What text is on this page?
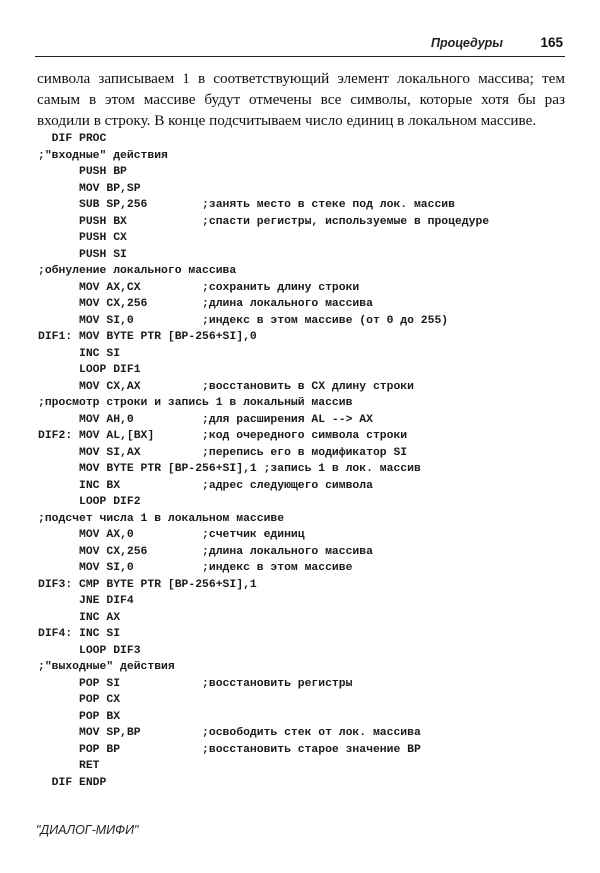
Процедуры	165

символа записываем 1 в соответствующий элемент локального массива; тем самым в этом массиве будут отмечены все символы, которые хотя бы раз входили в строку. В конце подсчитываем число единиц в локальном массиве.

DIF PROC
;"входные" действия
PUSH BP
MOV BP,SP
SUB SP,256        ;занять место в стеке под лок. массив
PUSH BX           ;спасти регистры, используемые в процедуре
PUSH CX
PUSH SI
;обнуление локального массива
MOV AX,CX         ;сохранить длину строки
MOV CX,256        ;длина локального массива
MOV SI,0          ;индекс в этом массиве (от 0 до 255)
DIF1: MOV BYTE PTR [BP-256+SI],0
INC SI
LOOP DIF1
MOV CX,AX         ;восстановить в CX длину строки
;просмотр строки и запись 1 в локальный массив
MOV AH,0          ;для расширения AL --> AX
DIF2: MOV AL,[BX]       ;код очередного символа строки
MOV SI,AX         ;перепись его в модификатор SI
MOV BYTE PTR [BP-256+SI],1 ;запись 1 в лок. массив
INC BX            ;адрес следующего символа
LOOP DIF2
;подсчет числа 1 в локальном массиве
MOV AX,0          ;счетчик единиц
MOV CX,256        ;длина локального массива
MOV SI,0          ;индекс в этом массиве
DIF3: CMP BYTE PTR [BP-256+SI],1
JNE DIF4
INC AX
DIF4: INC SI
LOOP DIF3
;"выходные" действия
POP SI            ;восстановить регистры
POP CX
POP BX
MOV SP,BP         ;освободить стек от лок. массива
POP BP            ;восстановить старое значение BP
RET
DIF ENDP
"ДИАЛОГ-МИФИ"
